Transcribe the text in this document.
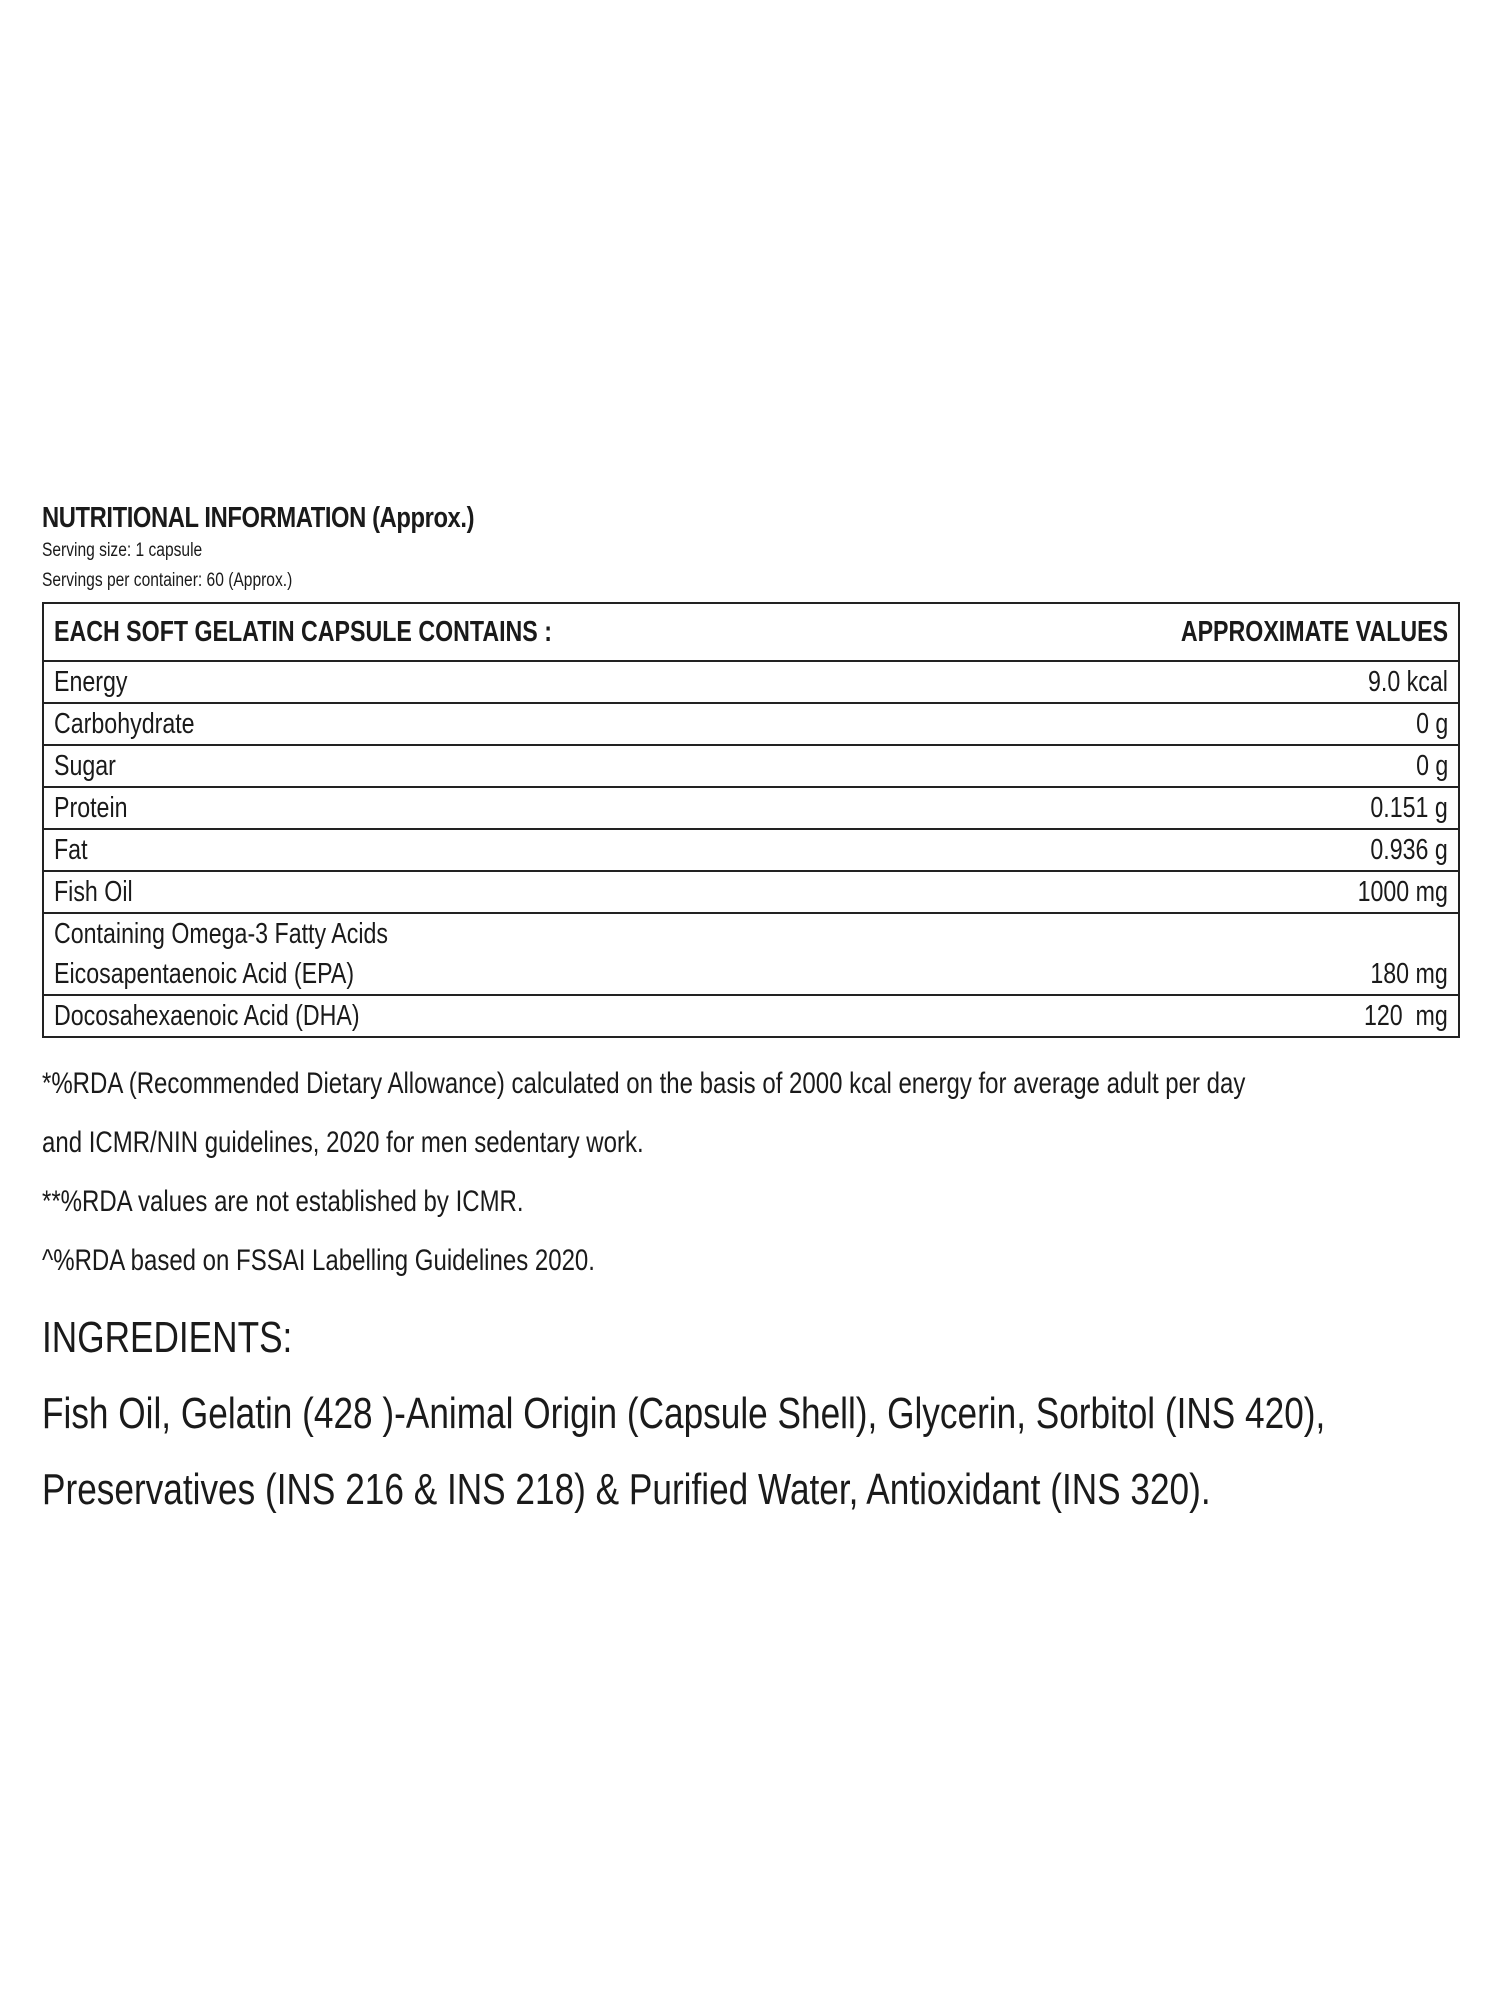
NUTRITIONAL INFORMATION (Approx.)

Serving size: 1 capsule

Servings per container: 60 (Approx.)

EACH SOFT GELATIN CAPSULE CONTAINS :	APPROXIMATE VALUES
Energy	9.0 kcal
Carbohydrate	0 g
Sugar	0 g
Protein	0.151 g
Fat	0.936 g
Fish Oil	1000 mg
Containing Omega-3 Fatty Acids	
Eicosapentaenoic Acid (EPA)	180 mg
Docosahexaenoic Acid (DHA)	120  mg

*%RDA (Recommended Dietary Allowance) calculated on the basis of 2000 kcal energy for average adult per day

and ICMR/NIN guidelines, 2020 for men sedentary work.

**%RDA values are not established by ICMR.

^%RDA based on FSSAI Labelling Guidelines 2020.

INGREDIENTS:

Fish Oil, Gelatin (428 )-Animal Origin (Capsule Shell), Glycerin, Sorbitol (INS 420), Preservatives (INS 216 & INS 218) & Purified Water, Antioxidant (INS 320).
